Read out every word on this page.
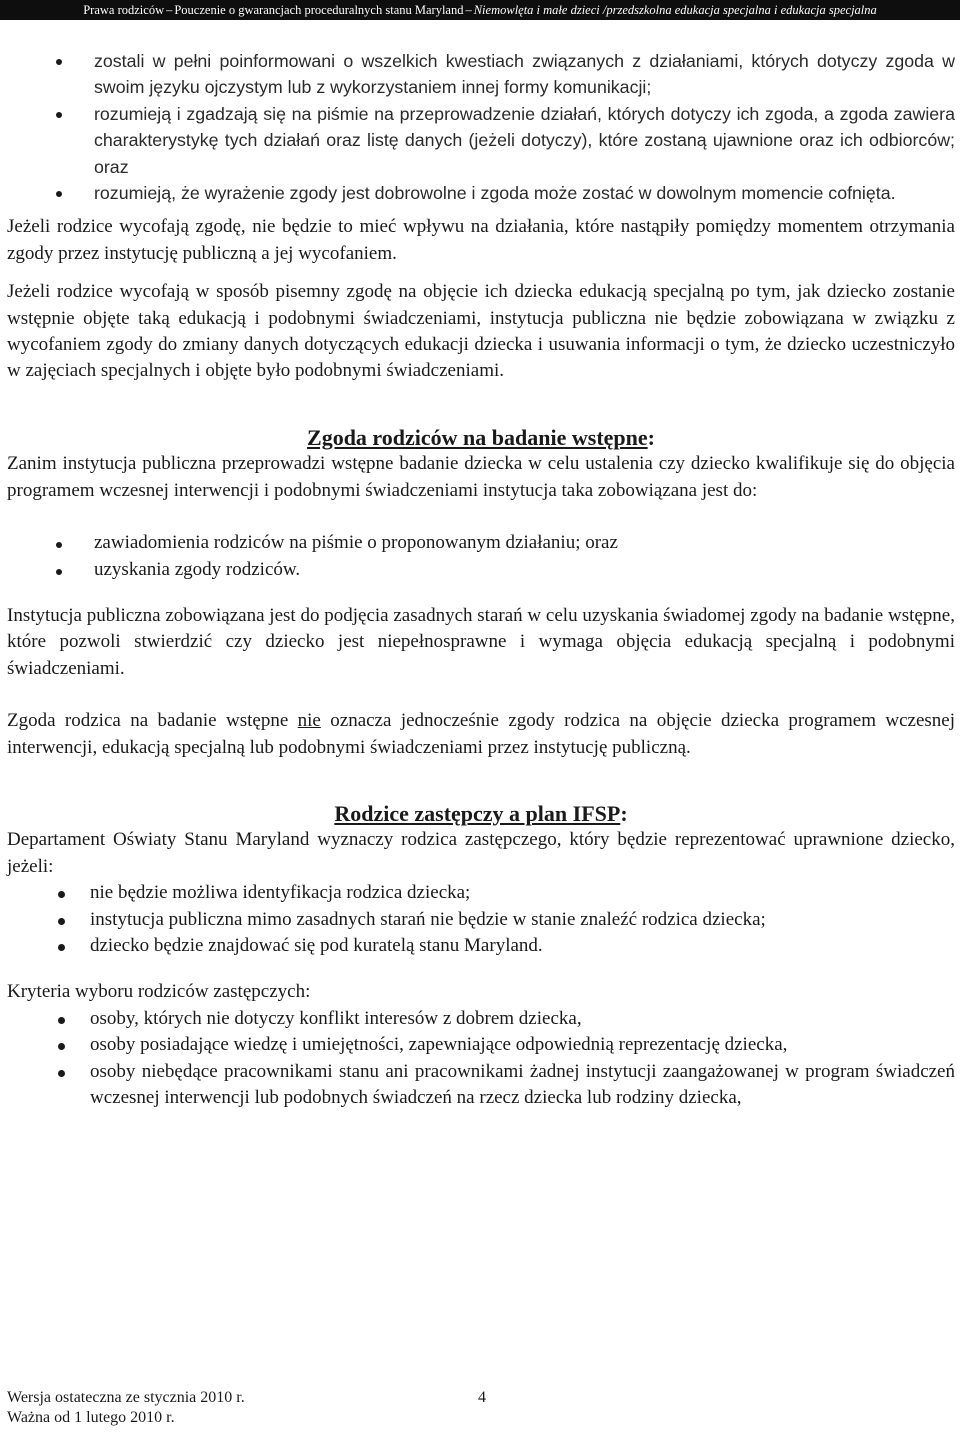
Prawa rodziców – Pouczenie o gwarancjach proceduralnych stanu Maryland – Niemowlęta i małe dzieci /przedszkolna edukacja specjalna i edukacja specjalna
zostali w pełni poinformowani o wszelkich kwestiach związanych z działaniami, których dotyczy zgoda w swoim języku ojczystym lub z wykorzystaniem innej formy komunikacji;
rozumieją i zgadzają się na piśmie na przeprowadzenie działań, których dotyczy ich zgoda, a zgoda zawiera charakterystykę tych działań oraz listę danych (jeżeli dotyczy), które zostaną ujawnione oraz ich odbiorców; oraz
rozumieją, że wyrażenie zgody jest dobrowolne i zgoda może zostać w dowolnym momencie cofnięta.

Jeżeli rodzice wycofają zgodę, nie będzie to mieć wpływu na działania, które nastąpiły pomiędzy momentem otrzymania zgody przez instytucję publiczną a jej wycofaniem.

Jeżeli rodzice wycofają w sposób pisemny zgodę na objęcie ich dziecka edukacją specjalną po tym, jak dziecko zostanie wstępnie objęte taką edukacją i podobnymi świadczeniami, instytucja publiczna nie będzie zobowiązana w związku z wycofaniem zgody do zmiany danych dotyczących edukacji dziecka i usuwania informacji o tym, że dziecko uczestniczyło w zajęciach specjalnych i objęte było podobnymi świadczeniami.

Zgoda rodziców na badanie wstępne:

Zanim instytucja publiczna przeprowadzi wstępne badanie dziecka w celu ustalenia czy dziecko kwalifikuje się do objęcia programem wczesnej interwencji i podobnymi świadczeniami instytucja taka zobowiązana jest do:

zawiadomienia rodziców na piśmie o proponowanym działaniu; oraz
uzyskania zgody rodziców.

Instytucja publiczna zobowiązana jest do podjęcia zasadnych starań w celu uzyskania świadomej zgody na badanie wstępne, które pozwoli stwierdzić czy dziecko jest niepełnosprawne i wymaga objęcia edukacją specjalną i podobnymi świadczeniami.

Zgoda rodzica na badanie wstępne nie oznacza jednocześnie zgody rodzica na objęcie dziecka programem wczesnej interwencji, edukacją specjalną lub podobnymi świadczeniami przez instytucję publiczną.

Rodzice zastępczy a plan IFSP:

Departament Oświaty Stanu Maryland wyznaczy rodzica zastępczego, który będzie reprezentować uprawnione dziecko, jeżeli:

nie będzie możliwa identyfikacja rodzica dziecka;
instytucja publiczna mimo zasadnych starań nie będzie w stanie znaleźć rodzica dziecka;
dziecko będzie znajdować się pod kuratelą stanu Maryland.

Kryteria wyboru rodziców zastępczych:

osoby, których nie dotyczy konflikt interesów z dobrem dziecka,
osoby posiadające wiedzę i umiejętności, zapewniające odpowiednią reprezentację dziecka,
osoby niebędące pracownikami stanu ani pracownikami żadnej instytucji zaangażowanej w program świadczeń wczesnej interwencji lub podobnych świadczeń na rzecz dziecka lub rodziny dziecka,
Wersja ostateczna ze stycznia 2010 r.
Ważna od 1 lutego 2010 r.
4
